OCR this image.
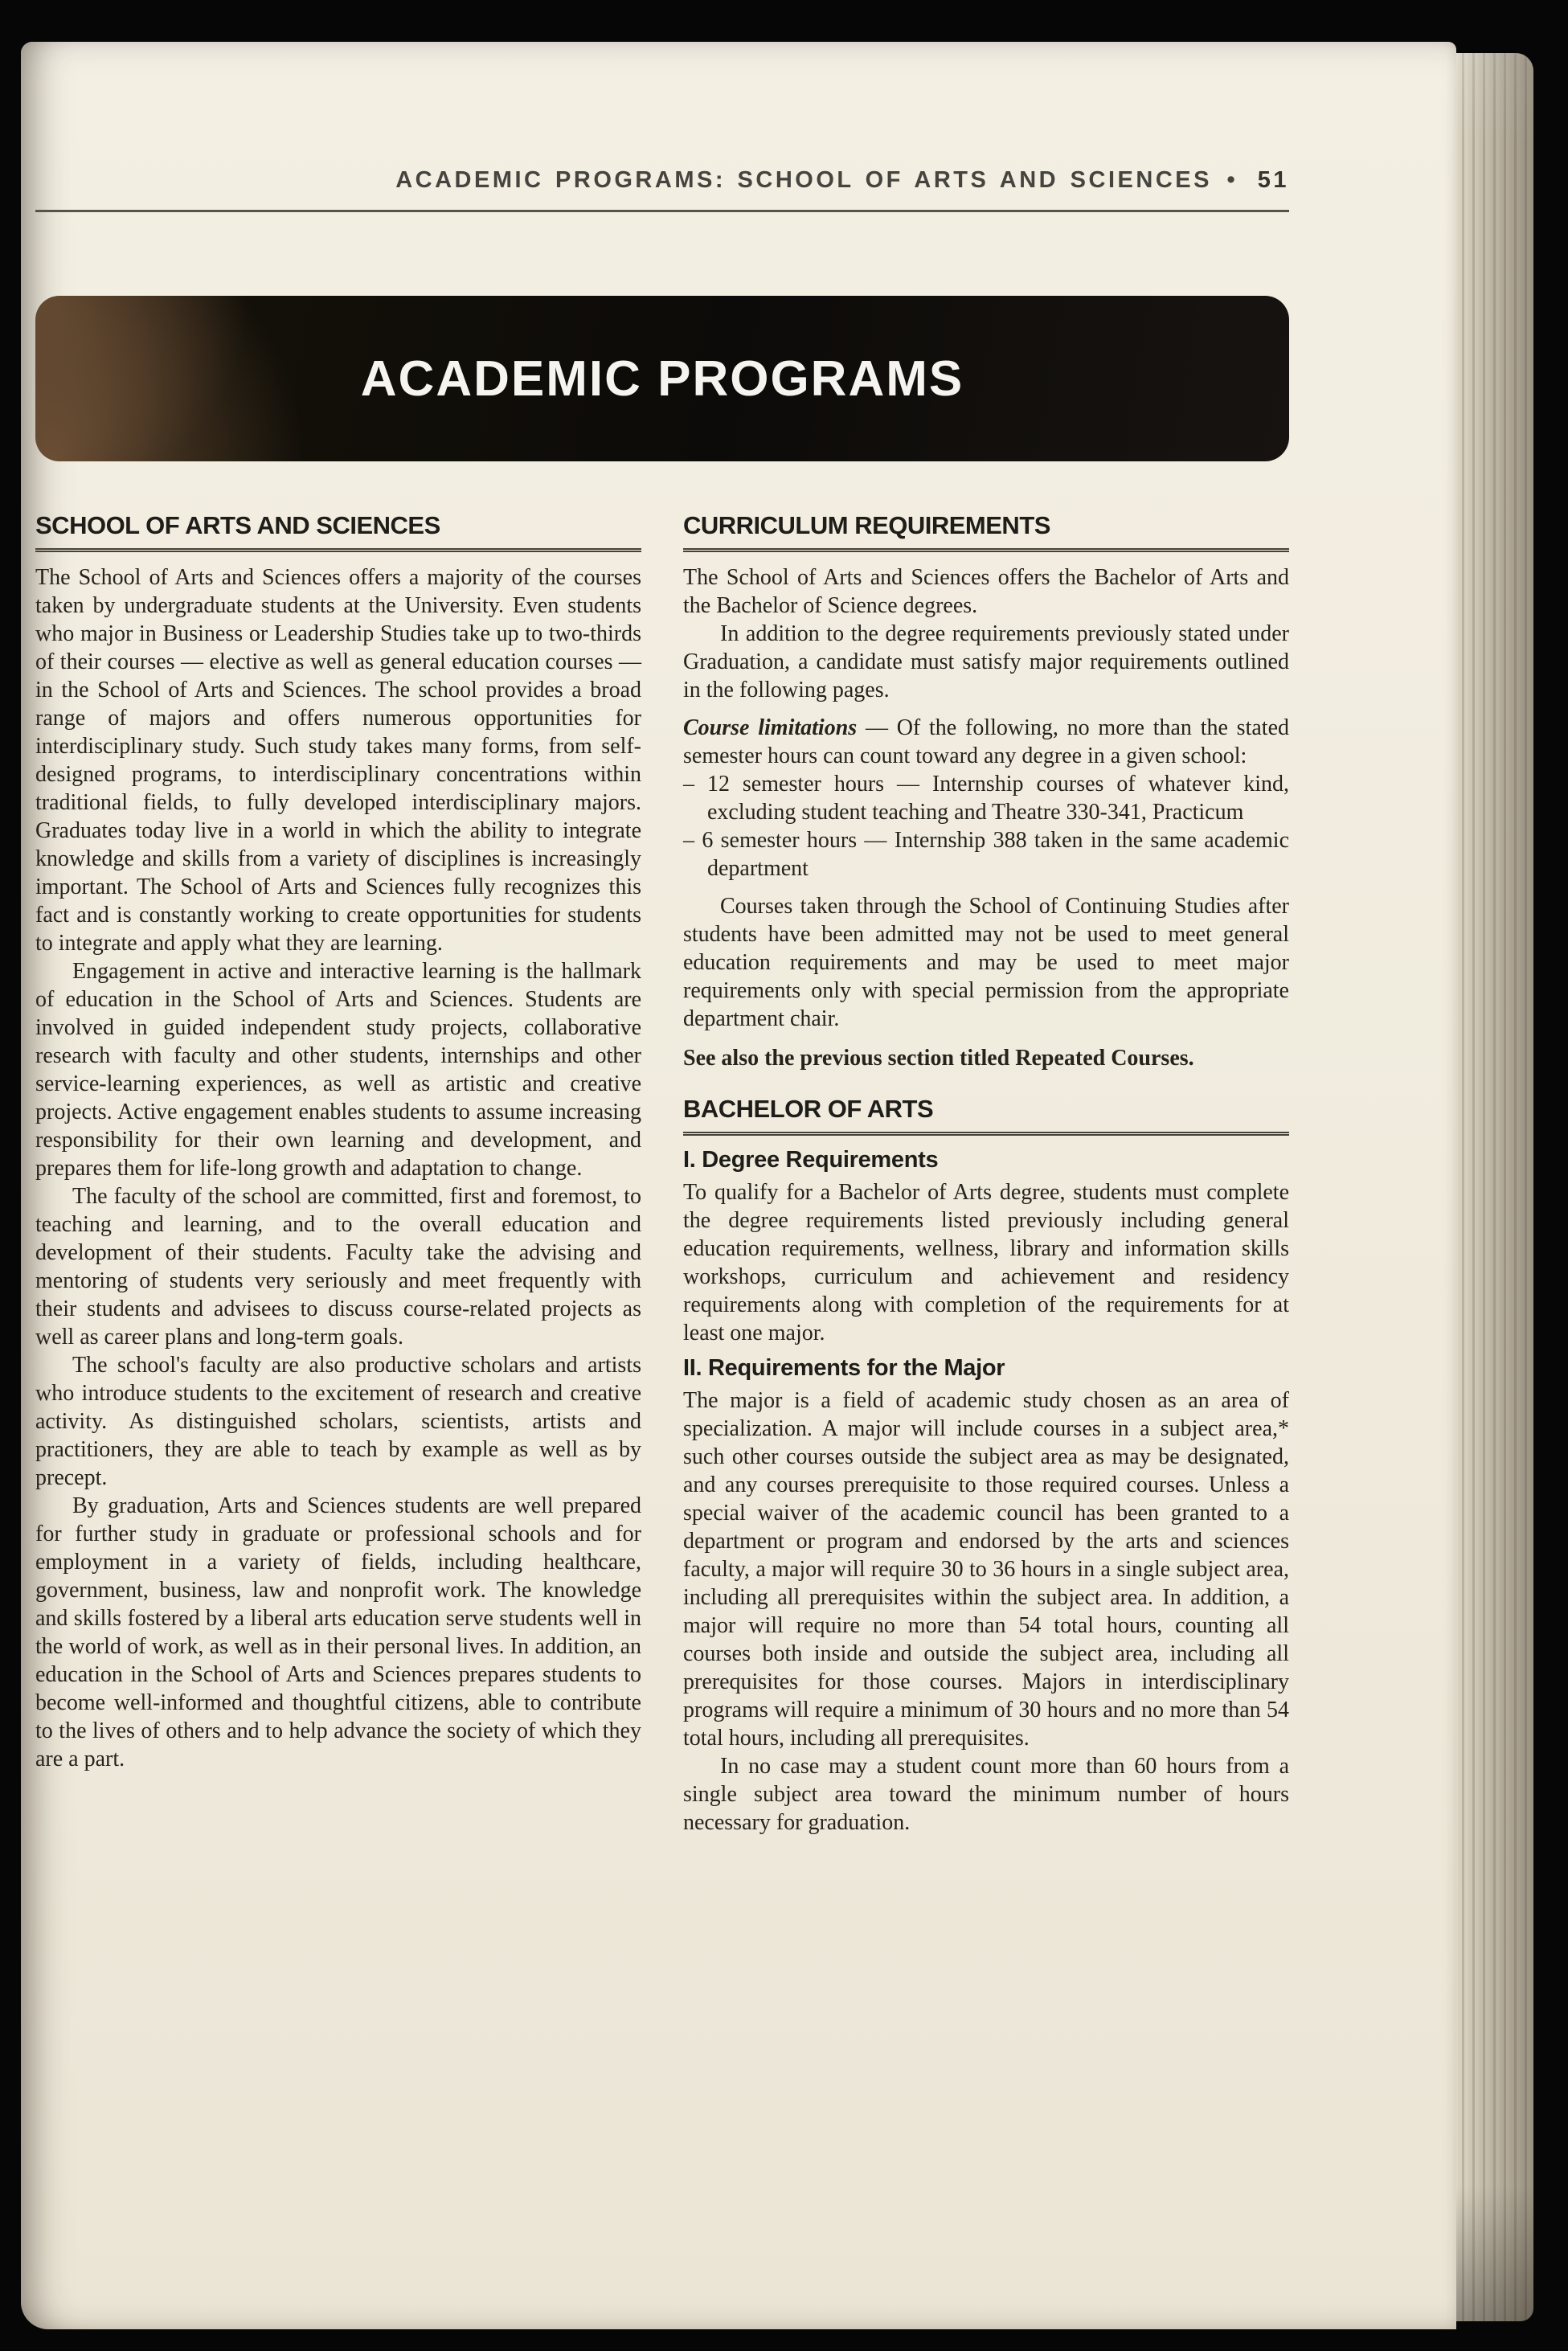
ACADEMIC PROGRAMS: SCHOOL OF ARTS AND SCIENCES • 51
ACADEMIC PROGRAMS
SCHOOL OF ARTS AND SCIENCES

The School of Arts and Sciences offers a majority of the courses taken by undergraduate students at the University. Even students who major in Business or Leadership Studies take up to two-thirds of their courses — elective as well as general education courses — in the School of Arts and Sciences. The school provides a broad range of majors and offers numerous opportunities for interdisciplinary study. Such study takes many forms, from self-designed programs, to interdisciplinary concentrations within traditional fields, to fully developed interdisciplinary majors. Graduates today live in a world in which the ability to integrate knowledge and skills from a variety of disciplines is increasingly important. The School of Arts and Sciences fully recognizes this fact and is constantly working to create opportunities for students to integrate and apply what they are learning.

Engagement in active and interactive learning is the hallmark of education in the School of Arts and Sciences. Students are involved in guided independent study projects, collaborative research with faculty and other students, internships and other service-learning experiences, as well as artistic and creative projects. Active engagement enables students to assume increasing responsibility for their own learning and development, and prepares them for life-long growth and adaptation to change.

The faculty of the school are committed, first and foremost, to teaching and learning, and to the overall education and development of their students. Faculty take the advising and mentoring of students very seriously and meet frequently with their students and advisees to discuss course-related projects as well as career plans and long-term goals.

The school's faculty are also productive scholars and artists who introduce students to the excitement of research and creative activity. As distinguished scholars, scientists, artists and practitioners, they are able to teach by example as well as by precept.

By graduation, Arts and Sciences students are well prepared for further study in graduate or professional schools and for employment in a variety of fields, including healthcare, government, business, law and nonprofit work. The knowledge and skills fostered by a liberal arts education serve students well in the world of work, as well as in their personal lives. In addition, an education in the School of Arts and Sciences prepares students to become well-informed and thoughtful citizens, able to contribute to the lives of others and to help advance the society of which they are a part.

CURRICULUM REQUIREMENTS

The School of Arts and Sciences offers the Bachelor of Arts and the Bachelor of Science degrees.

In addition to the degree requirements previously stated under Graduation, a candidate must satisfy major requirements outlined in the following pages.

Course limitations — Of the following, no more than the stated semester hours can count toward any degree in a given school:

– 12 semester hours — Internship courses of whatever kind, excluding student teaching and Theatre 330-341, Practicum

– 6 semester hours — Internship 388 taken in the same academic department

Courses taken through the School of Continuing Studies after students have been admitted may not be used to meet general education requirements and may be used to meet major requirements only with special permission from the appropriate department chair.

See also the previous section titled Repeated Courses.

BACHELOR OF ARTS
I. Degree Requirements

To qualify for a Bachelor of Arts degree, students must complete the degree requirements listed previously including general education requirements, wellness, library and information skills workshops, curriculum and achievement and residency requirements along with completion of the requirements for at least one major.

II. Requirements for the Major

The major is a field of academic study chosen as an area of specialization. A major will include courses in a subject area,* such other courses outside the subject area as may be designated, and any courses prerequisite to those required courses. Unless a special waiver of the academic council has been granted to a department or program and endorsed by the arts and sciences faculty, a major will require 30 to 36 hours in a single subject area, including all prerequisites within the subject area. In addition, a major will require no more than 54 total hours, counting all courses both inside and outside the subject area, including all prerequisites for those courses. Majors in interdisciplinary programs will require a minimum of 30 hours and no more than 54 total hours, including all prerequisites.

In no case may a student count more than 60 hours from a single subject area toward the minimum number of hours necessary for graduation.
